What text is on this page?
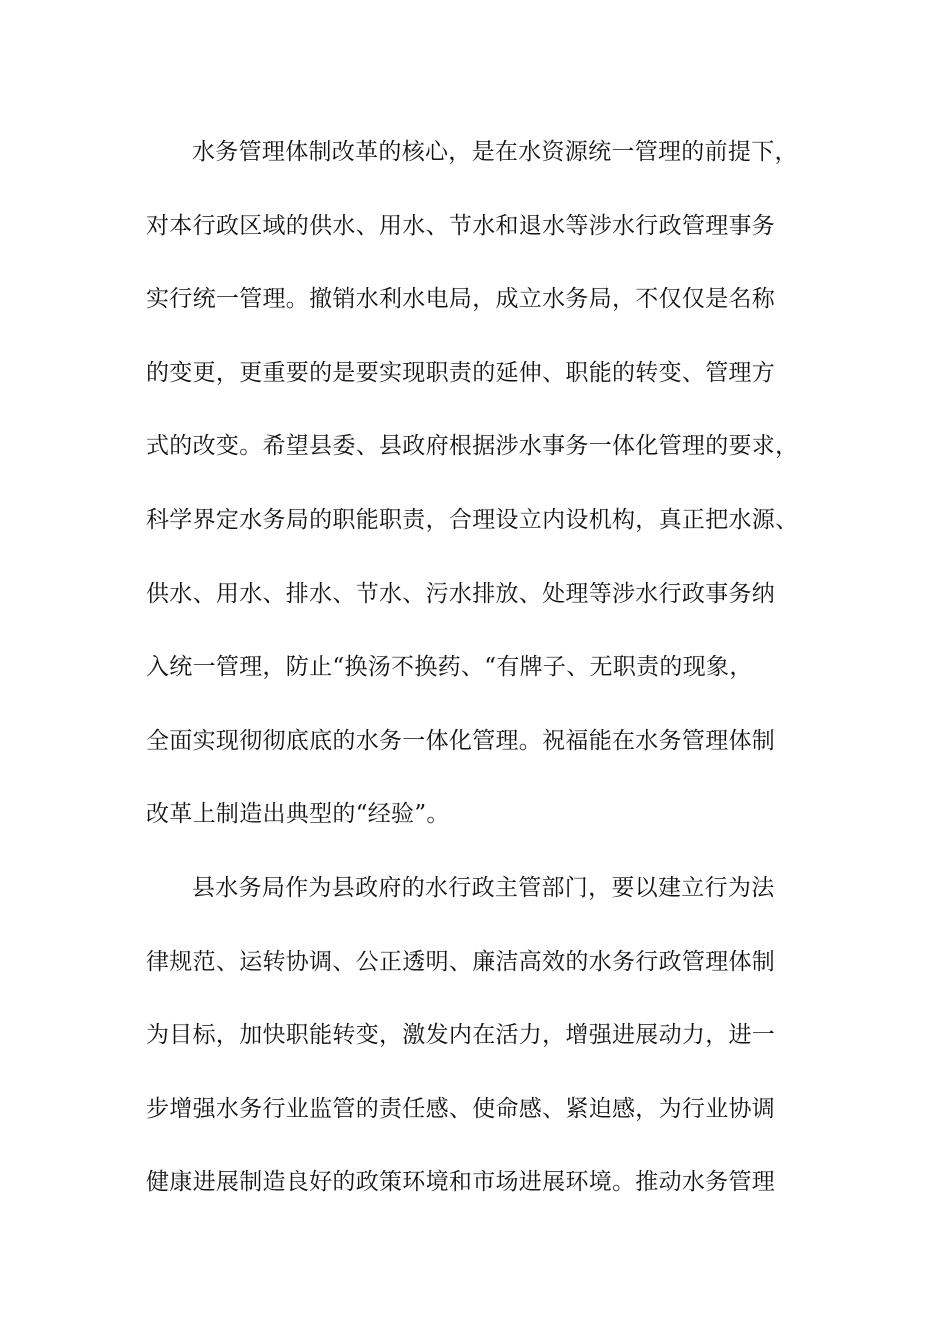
水务管理体制改革的核心，是在水资源统一管理的前提下，
对本行政区域的供水、用水、节水和退水等涉水行政管理事务
实行统一管理。撤销水利水电局，成立水务局，不仅仅是名称
的变更，更重要的是要实现职责的延伸、职能的转变、管理方
式的改变。希望县委、县政府根据涉水事务一体化管理的要求，
科学界定水务局的职能职责，合理设立内设机构，真正把水源、
供水、用水、排水、节水、污水排放、处理等涉水行政事务纳
入统一管理，防止“换汤不换药、“有牌子、无职责的现象，
全面实现彻彻底底的水务一体化管理。祝福能在水务管理体制
改革上制造出典型的“经验”。
县水务局作为县政府的水行政主管部门，要以建立行为法
律规范、运转协调、公正透明、廉洁高效的水务行政管理体制
为目标，加快职能转变，激发内在活力，增强进展动力，进一
步增强水务行业监管的责任感、使命感、紧迫感，为行业协调
健康进展制造良好的政策环境和市场进展环境。推动水务管理
